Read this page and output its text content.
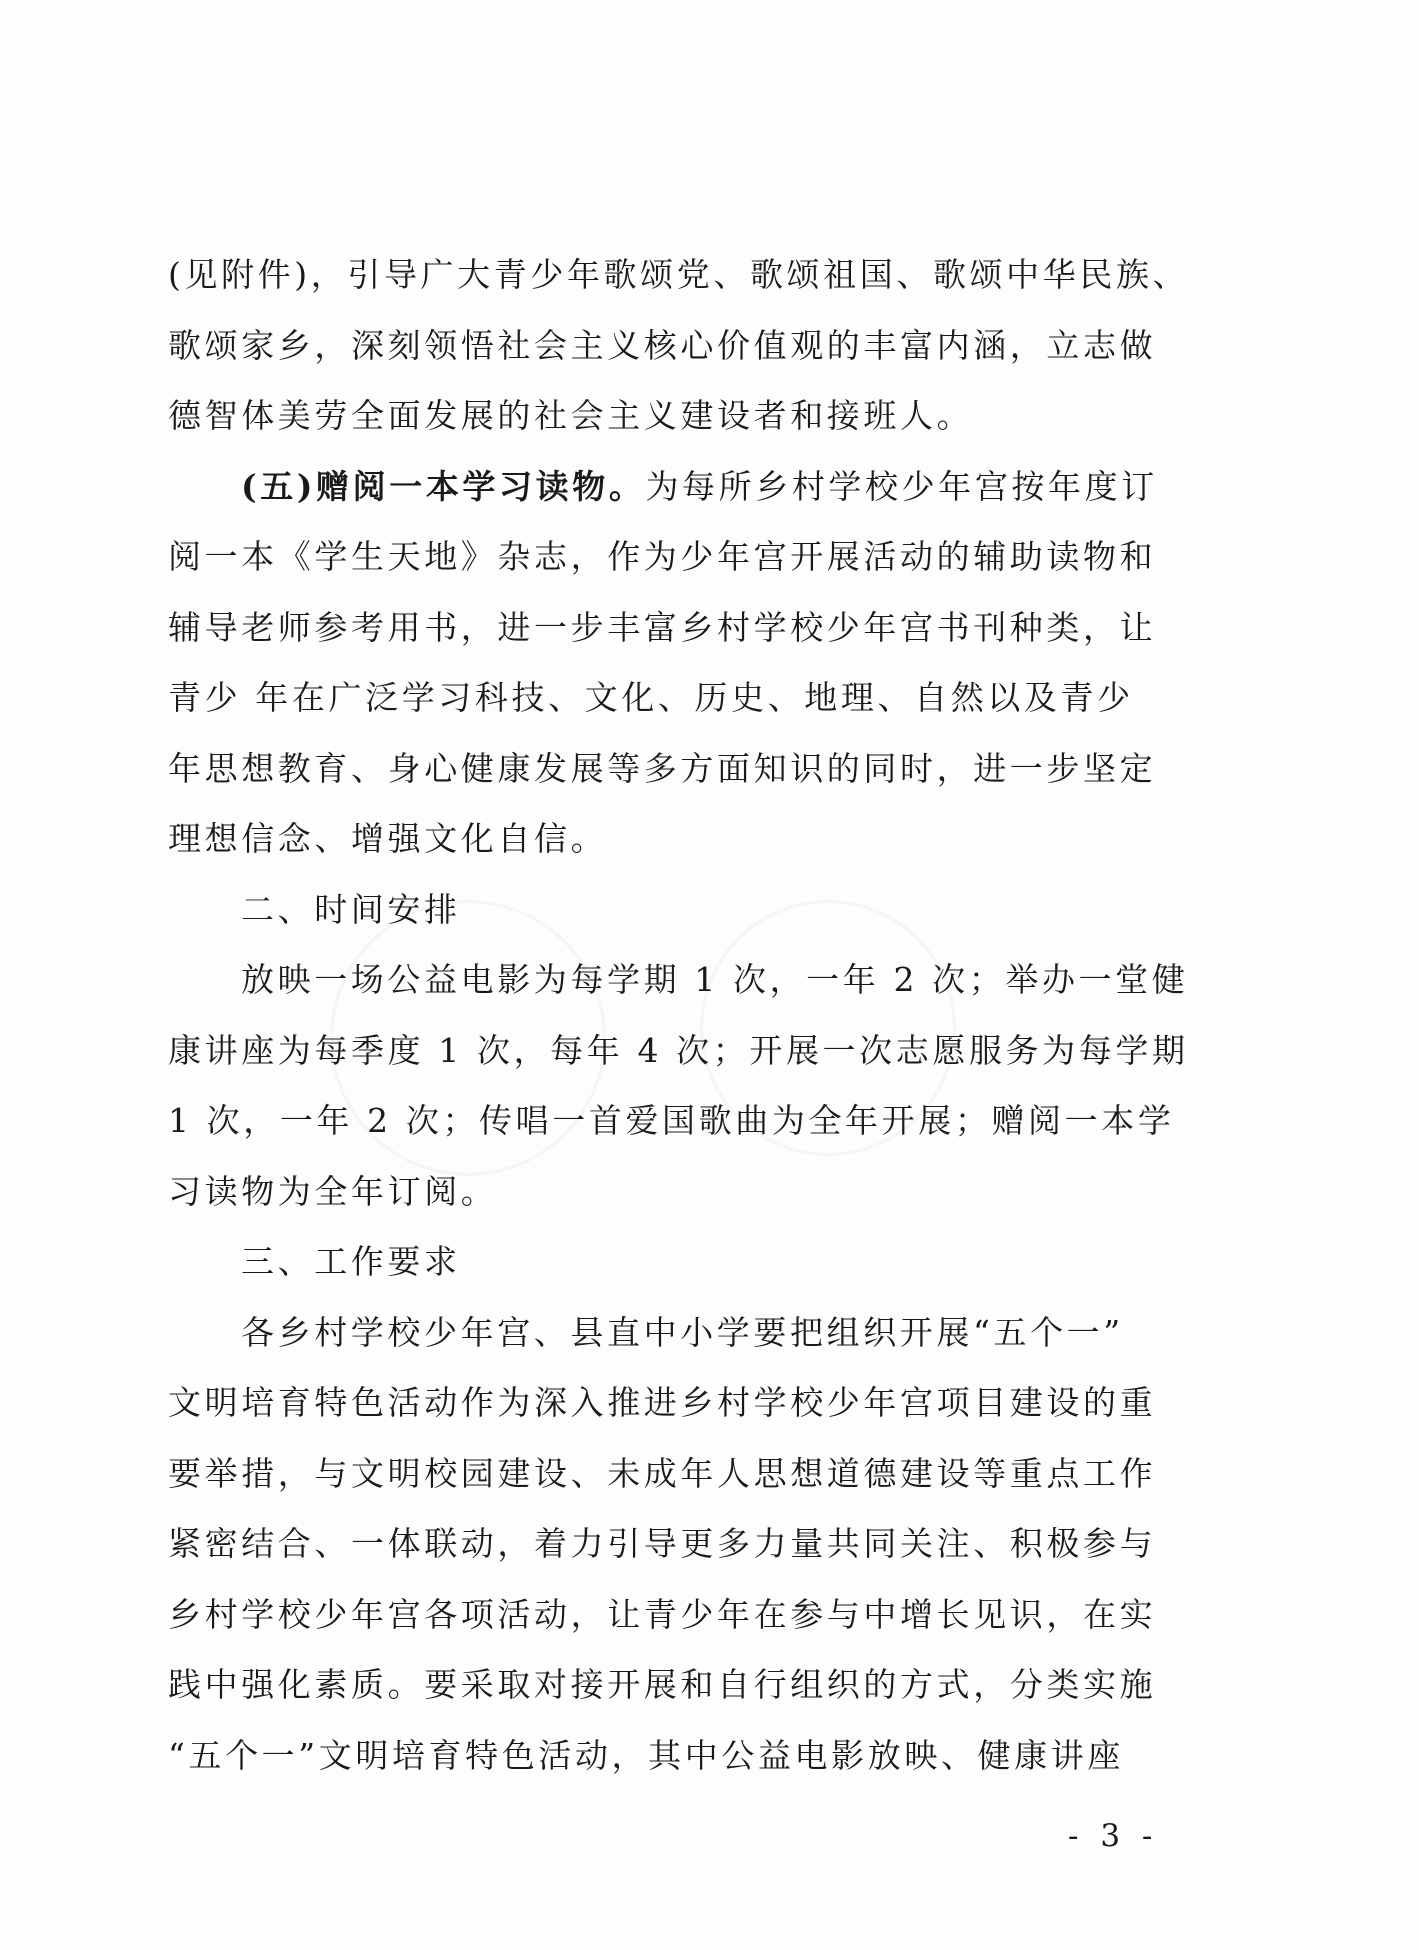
(见附件)，引导广大青少年歌颂党、歌颂祖国、歌颂中华民族、
歌颂家乡，深刻领悟社会主义核心价值观的丰富内涵，立志做
德智体美劳全面发展的社会主义建设者和接班人。
(五)赠阅一本学习读物。为每所乡村学校少年宫按年度订
阅一本《学生天地》杂志，作为少年宫开展活动的辅助读物和
辅导老师参考用书，进一步丰富乡村学校少年宫书刊种类，让
青少 年在广泛学习科技、文化、历史、地理、自然以及青少
年思想教育、身心健康发展等多方面知识的同时，进一步坚定
理想信念、增强文化自信。
二、时间安排
放映一场公益电影为每学期 1 次，一年 2 次；举办一堂健
康讲座为每季度 1 次，每年 4 次；开展一次志愿服务为每学期
1 次，一年 2 次；传唱一首爱国歌曲为全年开展；赠阅一本学
习读物为全年订阅。
三、工作要求
各乡村学校少年宫、县直中小学要把组织开展“五个一”
文明培育特色活动作为深入推进乡村学校少年宫项目建设的重
要举措，与文明校园建设、未成年人思想道德建设等重点工作
紧密结合、一体联动，着力引导更多力量共同关注、积极参与
乡村学校少年宫各项活动，让青少年在参与中增长见识，在实
践中强化素质。要采取对接开展和自行组织的方式，分类实施
“五个一”文明培育特色活动，其中公益电影放映、健康讲座
- 3 -
